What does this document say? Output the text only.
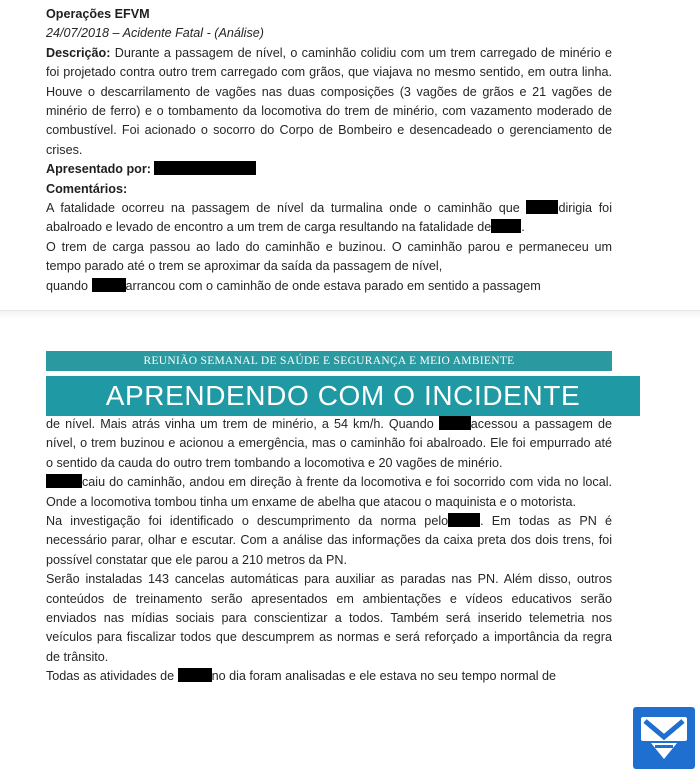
Operações EFVM

24/07/2018 – Acidente Fatal - (Análise)

Descrição: Durante a passagem de nível, o caminhão colidiu com um trem carregado de minério e foi projetado contra outro trem carregado com grãos, que viajava no mesmo sentido, em outra linha. Houve o descarrilamento de vagões nas duas composições (3 vagões de grãos e 21 vagões de minério de ferro) e o tombamento da locomotiva do trem de minério, com vazamento moderado de combustível. Foi acionado o socorro do Corpo de Bombeiro e desencadeado o gerenciamento de crises.

Apresentado por:

Comentários:

A fatalidade ocorreu na passagem de nível da turmalina onde o caminhão que	dirigia foi abalroado e levado de encontro a um trem de carga resultando na fatalidade de .

O trem de carga passou ao lado do caminhão e buzinou. O caminhão parou e permaneceu um tempo parado até o trem se aproximar da saída da passagem de nível,

quando	arrancou com o caminhão de onde estava parado em sentido a passagem

REUNIÃO SEMANAL DE SAÚDE E SEGURANÇA E MEIO AMBIENTE
APRENDENDO COM O INCIDENTE

de nível. Mais atrás vinha um trem de minério, a 54 km/h. Quando	acessou a passagem de nível, o trem buzinou e acionou a emergência, mas o caminhão foi abalroado. Ele foi empurrado até o sentido da cauda do outro trem tombando a locomotiva e 20 vagões de minério.

caiu do caminhão, andou em direção à frente da locomotiva e foi socorrido com vida no local. Onde a locomotiva tombou tinha um enxame de abelha que atacou o maquinista e o motorista.

Na investigação foi identificado o descumprimento da norma pelo	. Em todas as PN é necessário parar, olhar e escutar. Com a análise das informações da caixa preta dos dois trens, foi possível constatar que ele parou a 210 metros da PN.

Serão instaladas 143 cancelas automáticas para auxiliar as paradas nas PN. Além disso, outros conteúdos de treinamento serão apresentados em ambientações e vídeos educativos serão enviados nas mídias sociais para conscientizar a todos. Também será inserido telemetria nos veículos para fiscalizar todos que descumprem as normas e será reforçado a importância da regra de trânsito.

Todas as atividades de	no dia foram analisadas e ele estava no seu tempo normal de
